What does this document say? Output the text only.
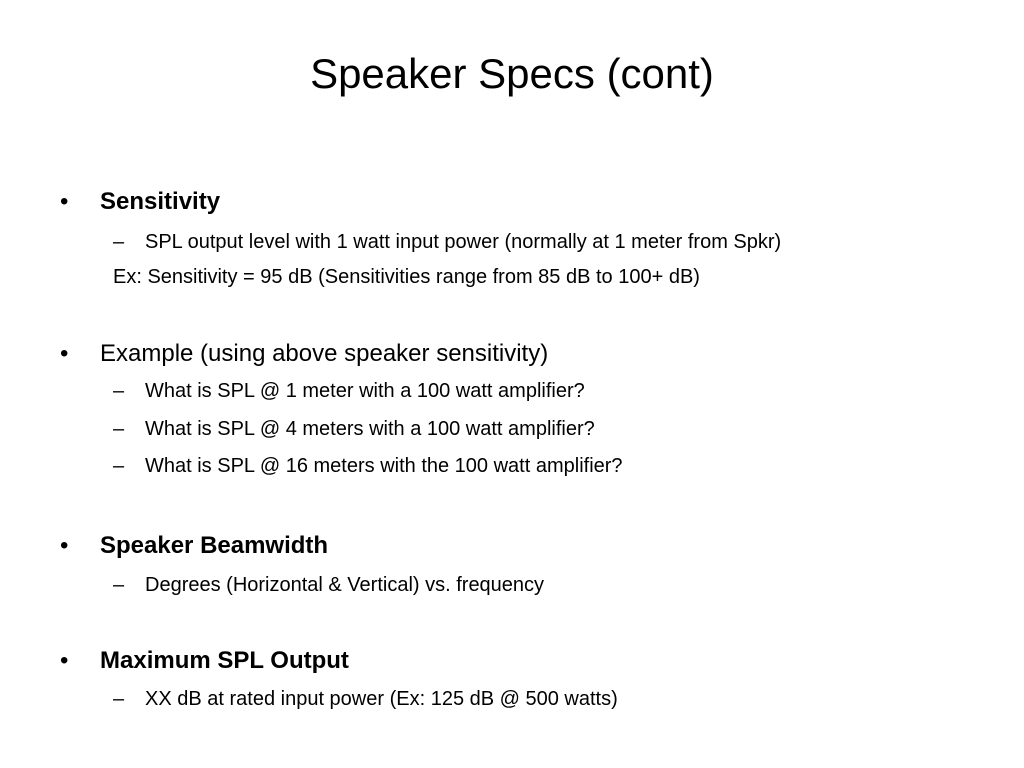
Speaker Specs (cont)
• Sensitivity
– SPL output level with 1 watt input power (normally at 1 meter from Spkr)
Ex: Sensitivity = 95 dB (Sensitivities range from 85 dB to 100+ dB)
• Example (using above speaker sensitivity)
– What is SPL @ 1 meter with a 100 watt amplifier?
– What is SPL @ 4 meters with a 100 watt amplifier?
– What is SPL @ 16 meters with the 100 watt amplifier?
• Speaker Beamwidth
– Degrees (Horizontal & Vertical) vs. frequency
• Maximum SPL Output
– XX dB at rated input power (Ex: 125 dB @ 500 watts)
